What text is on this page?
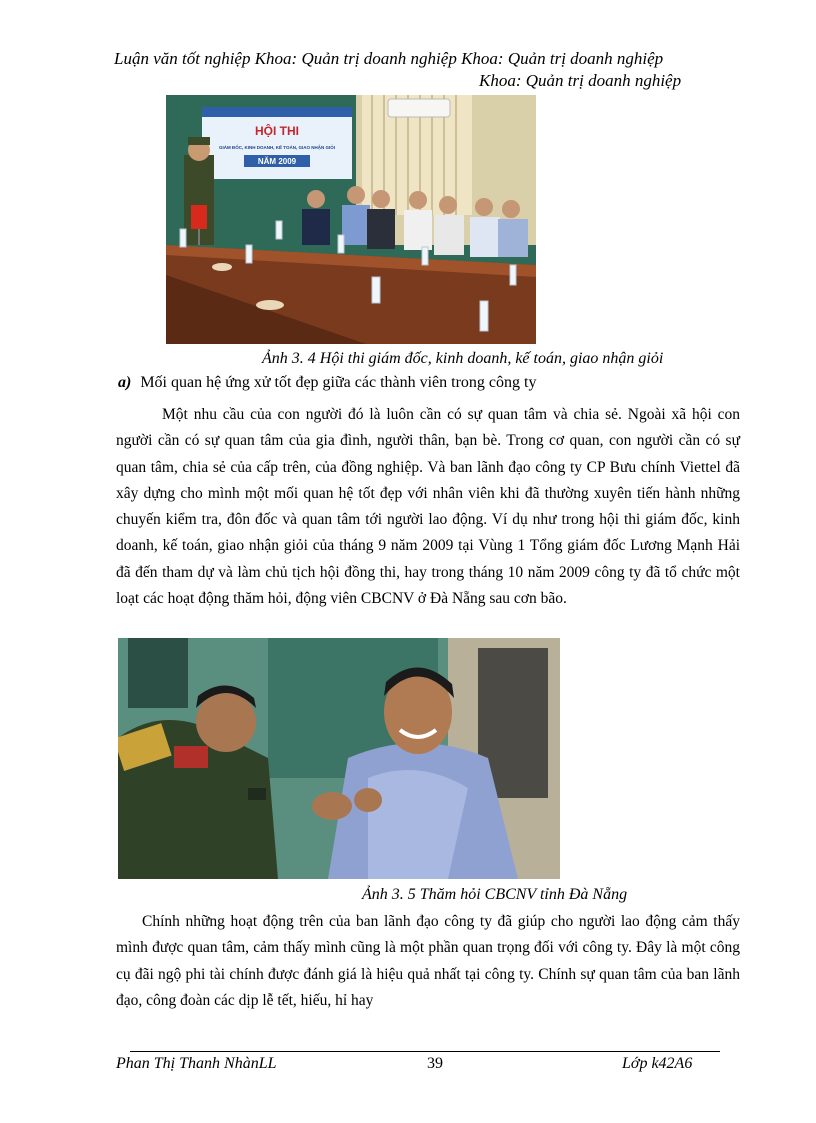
Luận văn tốt nghiệp Khoa: Quản trị doanh nghiệp Khoa: Quản trị doanh nghiệp
Khoa: Quản trị doanh nghiệp
HỘI THI
GIÁM ĐỐC, KINH DOANH, KẾ TOÁN, GIAO NHẬN GIỎI
NĂM 2009
Ảnh 3. 4 Hội thi giám đốc, kinh doanh, kế toán, giao nhận giỏi
a) Mối quan hệ ứng xử tốt đẹp giữa các thành viên trong công ty
Một nhu cầu của con người đó là luôn cần có sự quan tâm và chia sẻ. Ngoài xã hội con người cần có sự quan tâm của gia đình, người thân, bạn bè. Trong cơ quan, con người cần có sự quan tâm, chia sẻ của cấp trên, của đồng nghiệp. Và ban lãnh đạo công ty CP Bưu chính Viettel đã xây dựng cho mình một mối quan hệ tốt đẹp với nhân viên khi đã thường xuyên tiến hành những chuyến kiểm tra, đôn đốc và quan tâm tới người lao động. Ví dụ như trong hội thi giám đốc, kinh doanh, kế toán, giao nhận giỏi của tháng 9 năm 2009 tại Vùng 1 Tổng giám đốc Lương Mạnh Hải đã đến tham dự và làm chủ tịch hội đồng thi, hay trong tháng 10 năm 2009 công ty đã tổ chức một loạt các hoạt động thăm hỏi, động viên CBCNV ở Đà Nẵng sau cơn bão.
Ảnh 3. 5 Thăm hỏi CBCNV tỉnh Đà Nẵng
Chính những hoạt động trên của ban lãnh đạo công ty đã giúp cho người lao động cảm thấy mình được quan tâm, cảm thấy mình cũng là một phần quan trọng đối với công ty. Đây là một công cụ đãi ngộ phi tài chính được đánh giá là hiệu quả nhất tại công ty. Chính sự quan tâm của ban lãnh đạo, công đoàn các dịp lễ tết, hiếu, hỉ hay
Phan Thị Thanh NhànLL	39	Lớp k42A6
